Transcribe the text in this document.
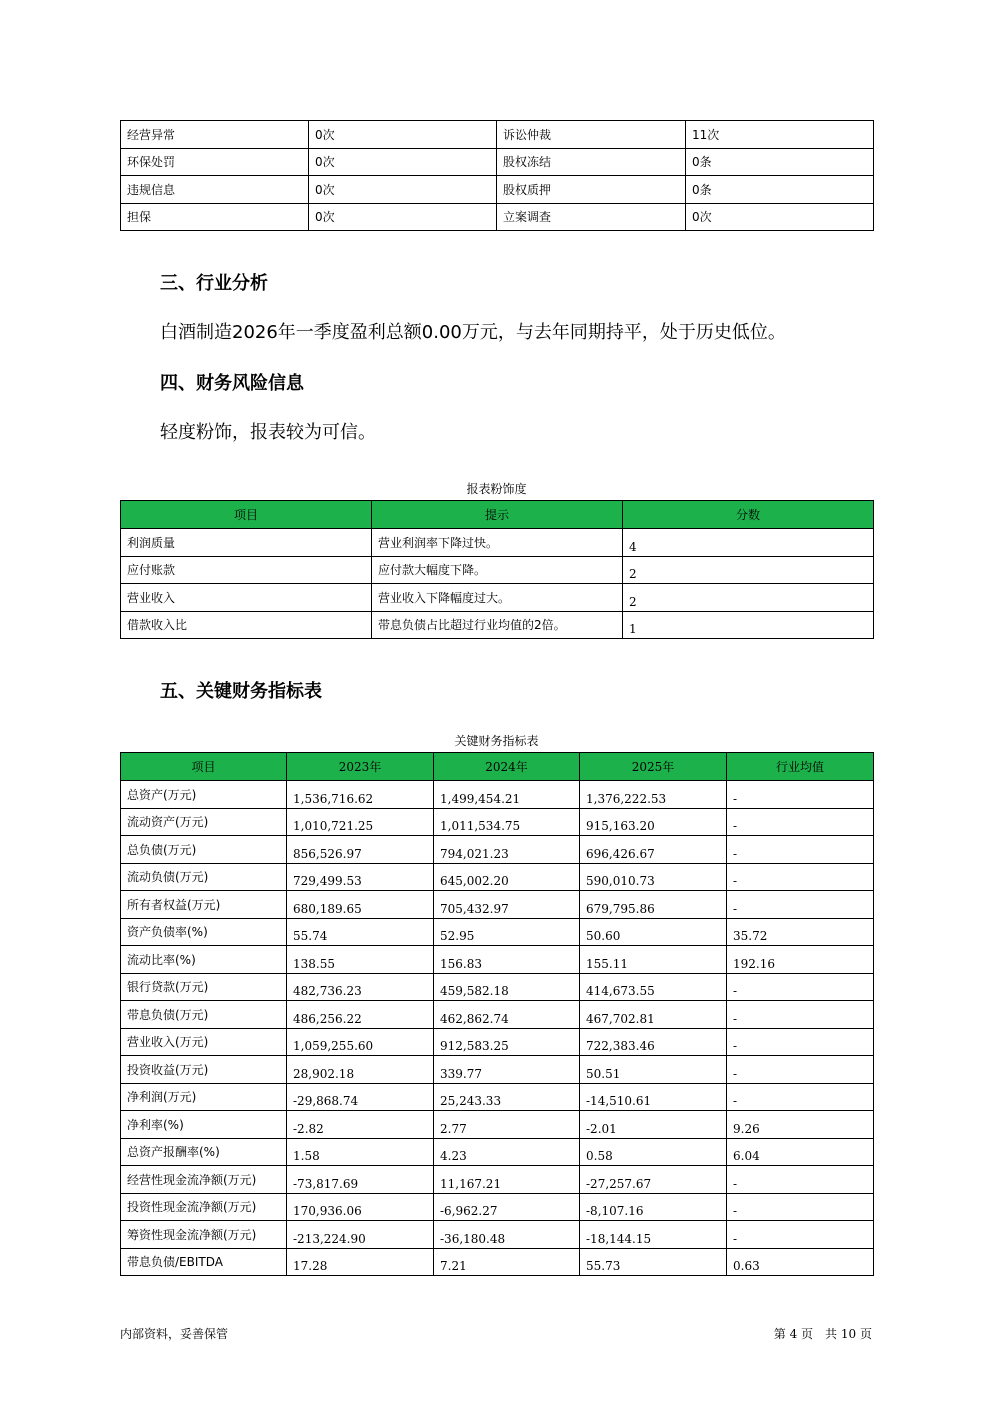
经营异常	0次	诉讼仲裁	11次
环保处罚	0次	股权冻结	0条
违规信息	0次	股权质押	0条
担保	0次	立案调查	0次
三、行业分析
白酒制造2026年一季度盈利总额0.00万元，与去年同期持平，处于历史低位。
四、财务风险信息
轻度粉饰，报表较为可信。
报表粉饰度
项目	提示	分数
利润质量	营业利润率下降过快。	4
应付账款	应付款大幅度下降。	2
营业收入	营业收入下降幅度过大。	2
借款收入比	带息负债占比超过行业均值的2倍。	1
五、关键财务指标表
关键财务指标表
项目	2023年	2024年	2025年	行业均值
总资产(万元)	1,536,716.62	1,499,454.21	1,376,222.53	-
流动资产(万元)	1,010,721.25	1,011,534.75	915,163.20	-
总负债(万元)	856,526.97	794,021.23	696,426.67	-
流动负债(万元)	729,499.53	645,002.20	590,010.73	-
所有者权益(万元)	680,189.65	705,432.97	679,795.86	-
资产负债率(%)	55.74	52.95	50.60	35.72
流动比率(%)	138.55	156.83	155.11	192.16
银行贷款(万元)	482,736.23	459,582.18	414,673.55	-
带息负债(万元)	486,256.22	462,862.74	467,702.81	-
营业收入(万元)	1,059,255.60	912,583.25	722,383.46	-
投资收益(万元)	28,902.18	339.77	50.51	-
净利润(万元)	-29,868.74	25,243.33	-14,510.61	-
净利率(%)	-2.82	2.77	-2.01	9.26
总资产报酬率(%)	1.58	4.23	0.58	6.04
经营性现金流净额(万元)	-73,817.69	11,167.21	-27,257.67	-
投资性现金流净额(万元)	170,936.06	-6,962.27	-8,107.16	-
筹资性现金流净额(万元)	-213,224.90	-36,180.48	-18,144.15	-
带息负债/EBITDA	17.28	7.21	55.73	0.63
内部资料，妥善保管	第 4 页　共 10 页
